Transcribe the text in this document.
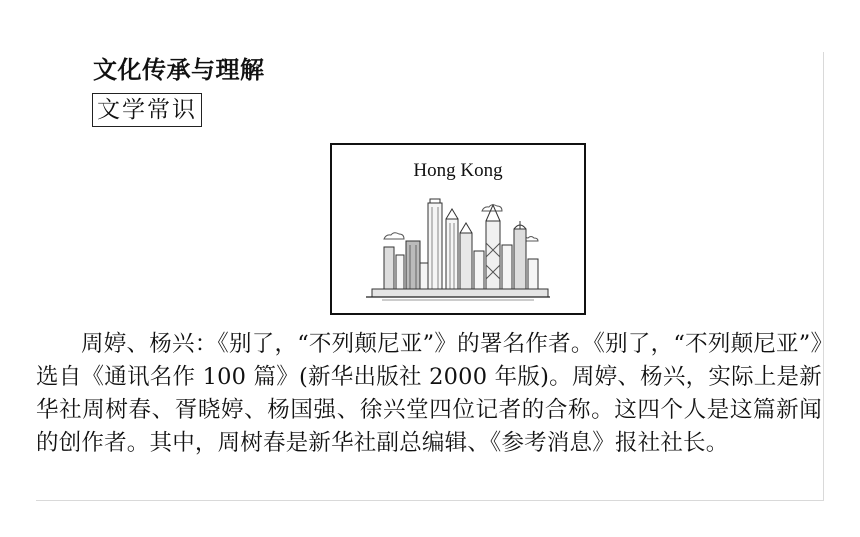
文化传承与理解
文学常识
Hong Kong
周婷、杨兴：《别了，“不列颠尼亚”》的署名作者。《别了，“不列颠尼亚”》选自《通讯名作 100 篇》(新华出版社 2000 年版)。周婷、杨兴，实际上是新华社周树春、胥晓婷、杨国强、徐兴堂四位记者的合称。这四个人是这篇新闻的创作者。其中，周树春是新华社副总编辑、《参考消息》报社社长。
